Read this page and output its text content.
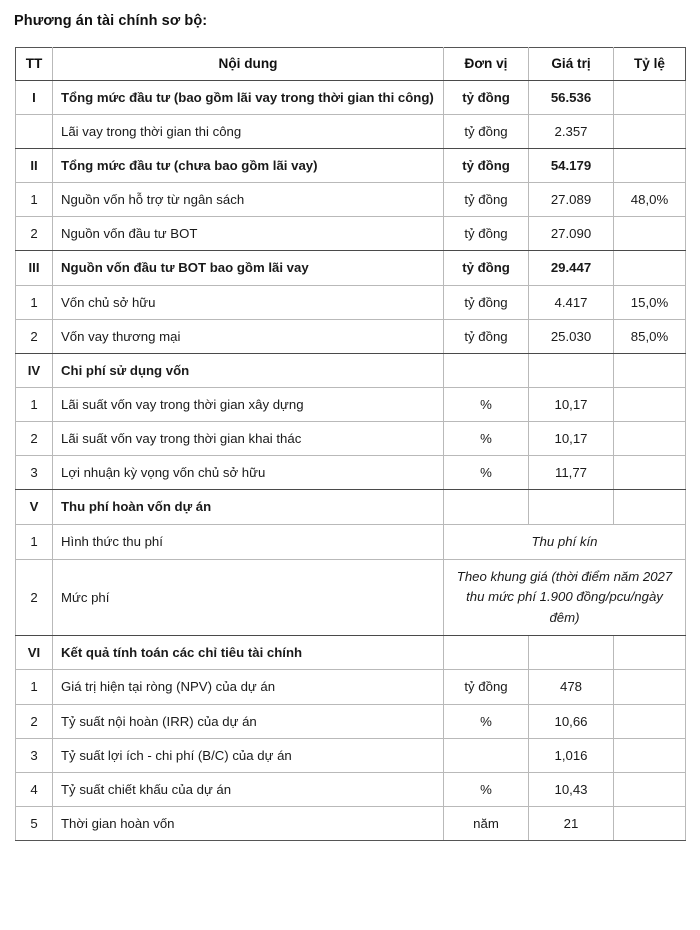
Phương án tài chính sơ bộ:
TT	Nội dung	Đơn vị	Giá trị	Tỷ lệ
I	Tổng mức đầu tư (bao gồm lãi vay trong thời gian thi công)	tỷ đồng	56.536	
	Lãi vay trong thời gian thi công	tỷ đồng	2.357	
II	Tổng mức đầu tư (chưa bao gồm lãi vay)	tỷ đồng	54.179	
1	Nguồn vốn hỗ trợ từ ngân sách	tỷ đồng	27.089	48,0%
2	Nguồn vốn đầu tư BOT	tỷ đồng	27.090	
III	Nguồn vốn đầu tư BOT bao gồm lãi vay	tỷ đồng	29.447	
1	Vốn chủ sở hữu	tỷ đồng	4.417	15,0%
2	Vốn vay thương mại	tỷ đồng	25.030	85,0%
IV	Chi phí sử dụng vốn			
1	Lãi suất vốn vay trong thời gian xây dựng	%	10,17	
2	Lãi suất vốn vay trong thời gian khai thác	%	10,17	
3	Lợi nhuận kỳ vọng vốn chủ sở hữu	%	11,77	
V	Thu phí hoàn vốn dự án			
1	Hình thức thu phí	Thu phí kín		
2	Mức phí	Theo khung giá (thời điểm năm 2027 thu mức phí 1.900 đồng/pcu/ngày đêm)		
VI	Kết quả tính toán các chỉ tiêu tài chính			
1	Giá trị hiện tại ròng (NPV) của dự án	tỷ đồng	478	
2	Tỷ suất nội hoàn (IRR) của dự án	%	10,66	
3	Tỷ suất lợi ích - chi phí (B/C) của dự án		1,016	
4	Tỷ suất chiết khấu của dự án	%	10,43	
5	Thời gian hoàn vốn	năm	21	
